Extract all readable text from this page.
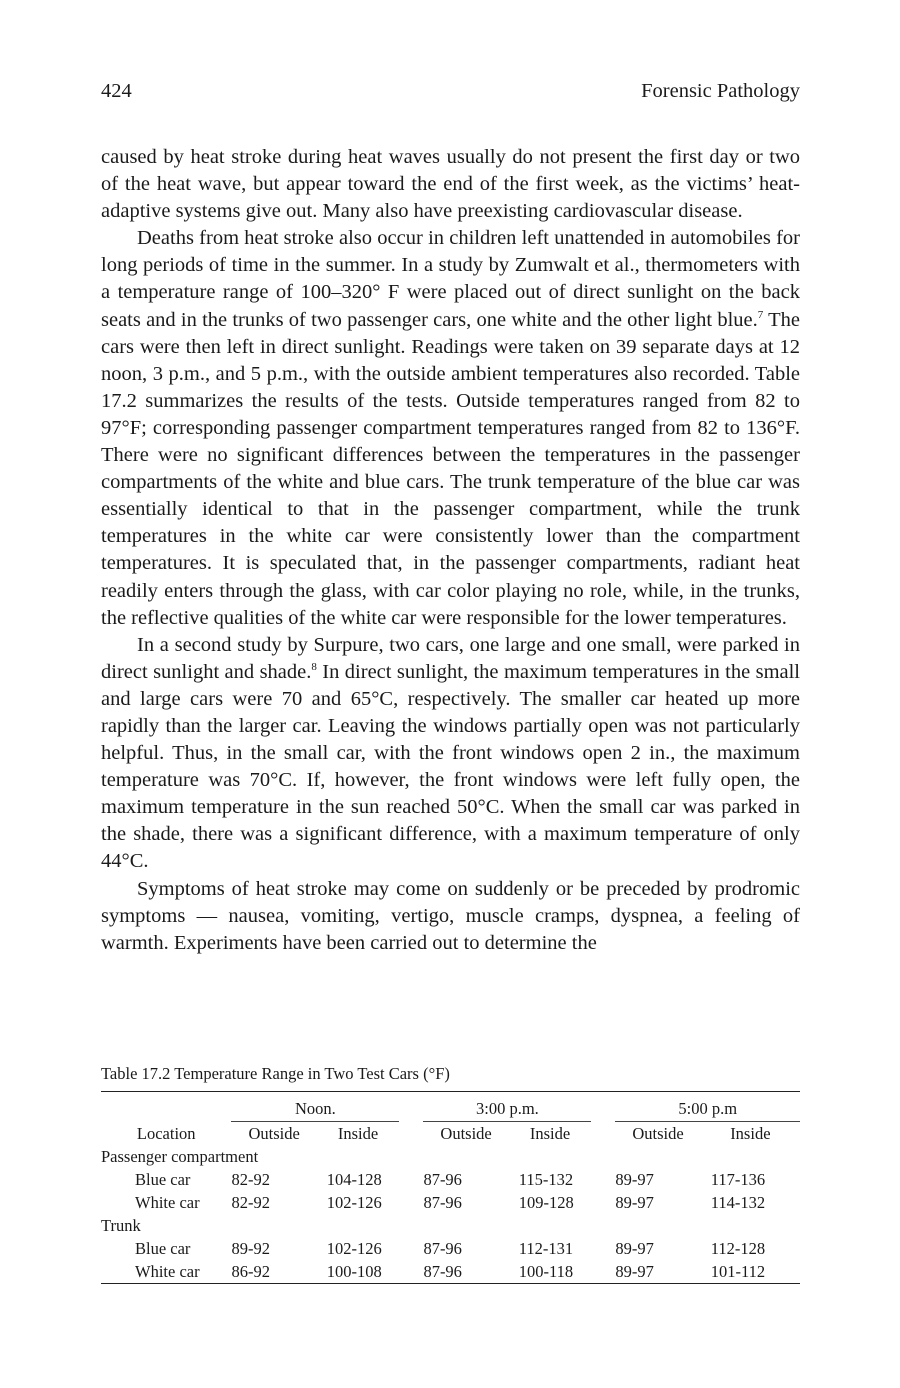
424	Forensic Pathology

caused by heat stroke during heat waves usually do not present the first day or two of the heat wave, but appear toward the end of the first week, as the victims’ heat-adaptive systems give out. Many also have preexisting cardiovascular disease.

Deaths from heat stroke also occur in children left unattended in automobiles for long periods of time in the summer. In a study by Zumwalt et al., thermometers with a temperature range of 100–320° F were placed out of direct sunlight on the back seats and in the trunks of two passenger cars, one white and the other light blue.$^7$ The cars were then left in direct sunlight. Readings were taken on 39 separate days at 12 noon, 3 p.m., and 5 p.m., with the outside ambient temperatures also recorded. Table 17.2 summarizes the results of the tests. Outside temperatures ranged from 82 to 97°F; corresponding passenger compartment temperatures ranged from 82 to 136°F. There were no significant differences between the temperatures in the passenger compartments of the white and blue cars. The trunk temperature of the blue car was essentially identical to that in the passenger compartment, while the trunk temperatures in the white car were consistently lower than the compartment temperatures. It is speculated that, in the passenger compartments, radiant heat readily enters through the glass, with car color playing no role, while, in the trunks, the reflective qualities of the white car were responsible for the lower temperatures.

In a second study by Surpure, two cars, one large and one small, were parked in direct sunlight and shade.$^8$ In direct sunlight, the maximum temperatures in the small and large cars were 70 and 65°C, respectively. The smaller car heated up more rapidly than the larger car. Leaving the windows partially open was not particularly helpful. Thus, in the small car, with the front windows open 2 in., the maximum temperature was 70°C. If, however, the front windows were left fully open, the maximum temperature in the sun reached 50°C. When the small car was parked in the shade, there was a significant difference, with a maximum temperature of only 44°C.

Symptoms of heat stroke may come on suddenly or be preceded by prodromic symptoms — nausea, vomiting, vertigo, muscle cramps, dyspnea, a feeling of warmth. Experiments have been carried out to determine the

Table 17.2 Temperature Range in Two Test Cars (°F)

	Noon.			3:00 p.m.			5:00 p.m	

Location	Outside	Inside		Outside	Inside		Outside	Inside
Passenger compartment								
Blue car	82-92	104-128		87-96	115-132		89-97	117-136
White car	82-92	102-126		87-96	109-128		89-97	114-132
Trunk								
Blue car	89-92	102-126		87-96	112-131		89-97	112-128
White car	86-92	100-108		87-96	100-118		89-97	101-112
